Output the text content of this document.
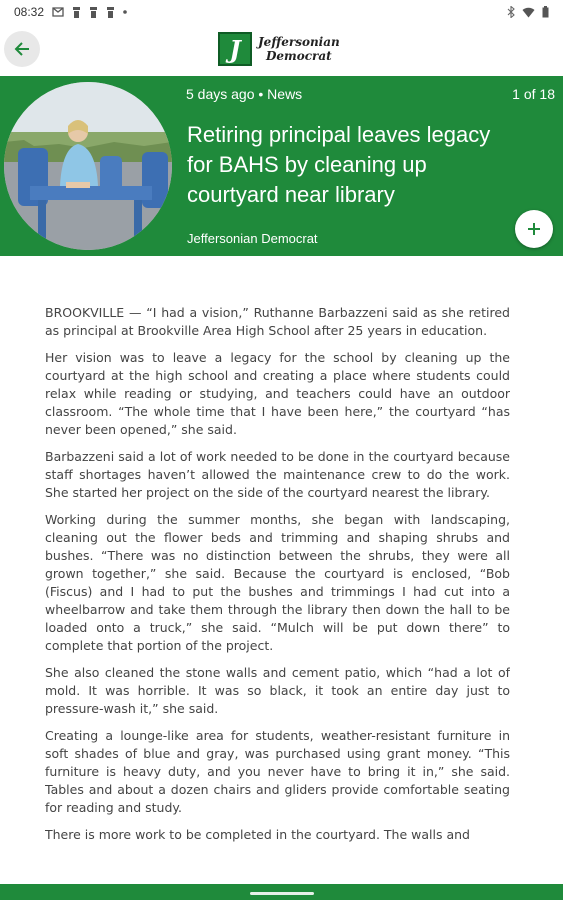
08:32
J	Jeffersonian
Democrat
5 days ago • News	1 of 18
Retiring principal leaves legacy for BAHS by cleaning up courtyard near library
Jeffersonian Democrat

BROOKVILLE — “I had a vision,” Ruthanne Barbazzeni said as she retired as principal at Brookville Area High School after 25 years in education.

Her vision was to leave a legacy for the school by cleaning up the courtyard at the high school and creating a place where students could relax while reading or studying, and teachers could have an outdoor classroom. “The whole time that I have been here,” the courtyard “has never been opened,” she said.

Barbazzeni said a lot of work needed to be done in the courtyard because staff shortages haven’t allowed the maintenance crew to do the work. She started her project on the side of the courtyard nearest the library.

Working during the summer months, she began with landscaping, cleaning out the flower beds and trimming and shaping shrubs and bushes. “There was no distinction between the shrubs, they were all grown together,” she said. Because the courtyard is enclosed, “Bob (Fiscus) and I had to put the bushes and trimmings I had cut into a wheelbarrow and take them through the library then down the hall to be loaded onto a truck,” she said. “Mulch will be put down there” to complete that portion of the project.

She also cleaned the stone walls and cement patio, which “had a lot of mold. It was horrible. It was so black, it took an entire day just to pressure-wash it,” she said.

Creating a lounge-like area for students, weather-resistant furniture in soft shades of blue and gray, was purchased using grant money. “This furniture is heavy duty, and you never have to bring it in,” she said. Tables and about a dozen chairs and gliders provide comfortable seating for reading and study.

There is more work to be completed in the courtyard. The walls and
